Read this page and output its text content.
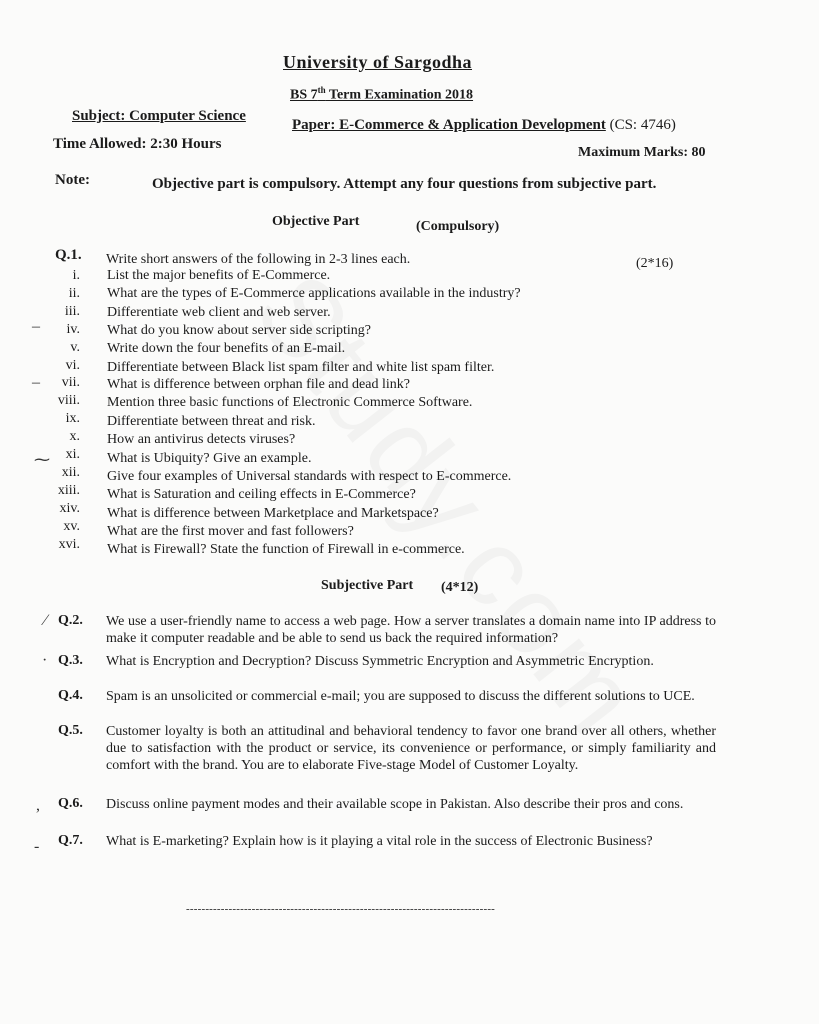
University of Sargodha
BS 7th Term Examination 2018
Subject: Computer Science
Paper: E-Commerce & Application Development (CS: 4746)
Time Allowed: 2:30 Hours
Maximum Marks: 80
Note:	Objective part is compulsory. Attempt any four questions from subjective part.
Objective Part	(Compulsory)
Q.1. Write short answers of the following in 2-3 lines each.	(2*16)
i. List the major benefits of E-Commerce.
ii. What are the types of E-Commerce applications available in the industry?
iii. Differentiate web client and web server.
iv. What do you know about server side scripting?
v. Write down the four benefits of an E-mail.
vi. Differentiate between Black list spam filter and white list spam filter.
vii. What is difference between orphan file and dead link?
viii. Mention three basic functions of Electronic Commerce Software.
ix. Differentiate between threat and risk.
x. How an antivirus detects viruses?
xi. What is Ubiquity? Give an example.
xii. Give four examples of Universal standards with respect to E-commerce.
xiii. What is Saturation and ceiling effects in E-Commerce?
xiv. What is difference between Marketplace and Marketspace?
xv. What are the first mover and fast followers?
xvi. What is Firewall? State the function of Firewall in e-commerce.
–
–
⁓
Subjective Part (4*12)
Q.2. We use a user-friendly name to access a web page. How a server translates a domain name into IP address to make it computer readable and be able to send us back the required information?
Q.3. What is Encryption and Decryption? Discuss Symmetric Encryption and Asymmetric Encryption.
Q.4. Spam is an unsolicited or commercial e-mail; you are supposed to discuss the different solutions to UCE.
Q.5. Customer loyalty is both an attitudinal and behavioral tendency to favor one brand over all others, whether due to satisfaction with the product or service, its convenience or performance, or simply familiarity and comfort with the brand. You are to elaborate Five-stage Model of Customer Loyalty.
Q.6. Discuss online payment modes and their available scope in Pakistan. Also describe their pros and cons.
Q.7. What is E-marketing? Explain how is it playing a vital role in the success of Electronic Business?
⁄
·
,
-
--------------------------------------------------------------------------------
